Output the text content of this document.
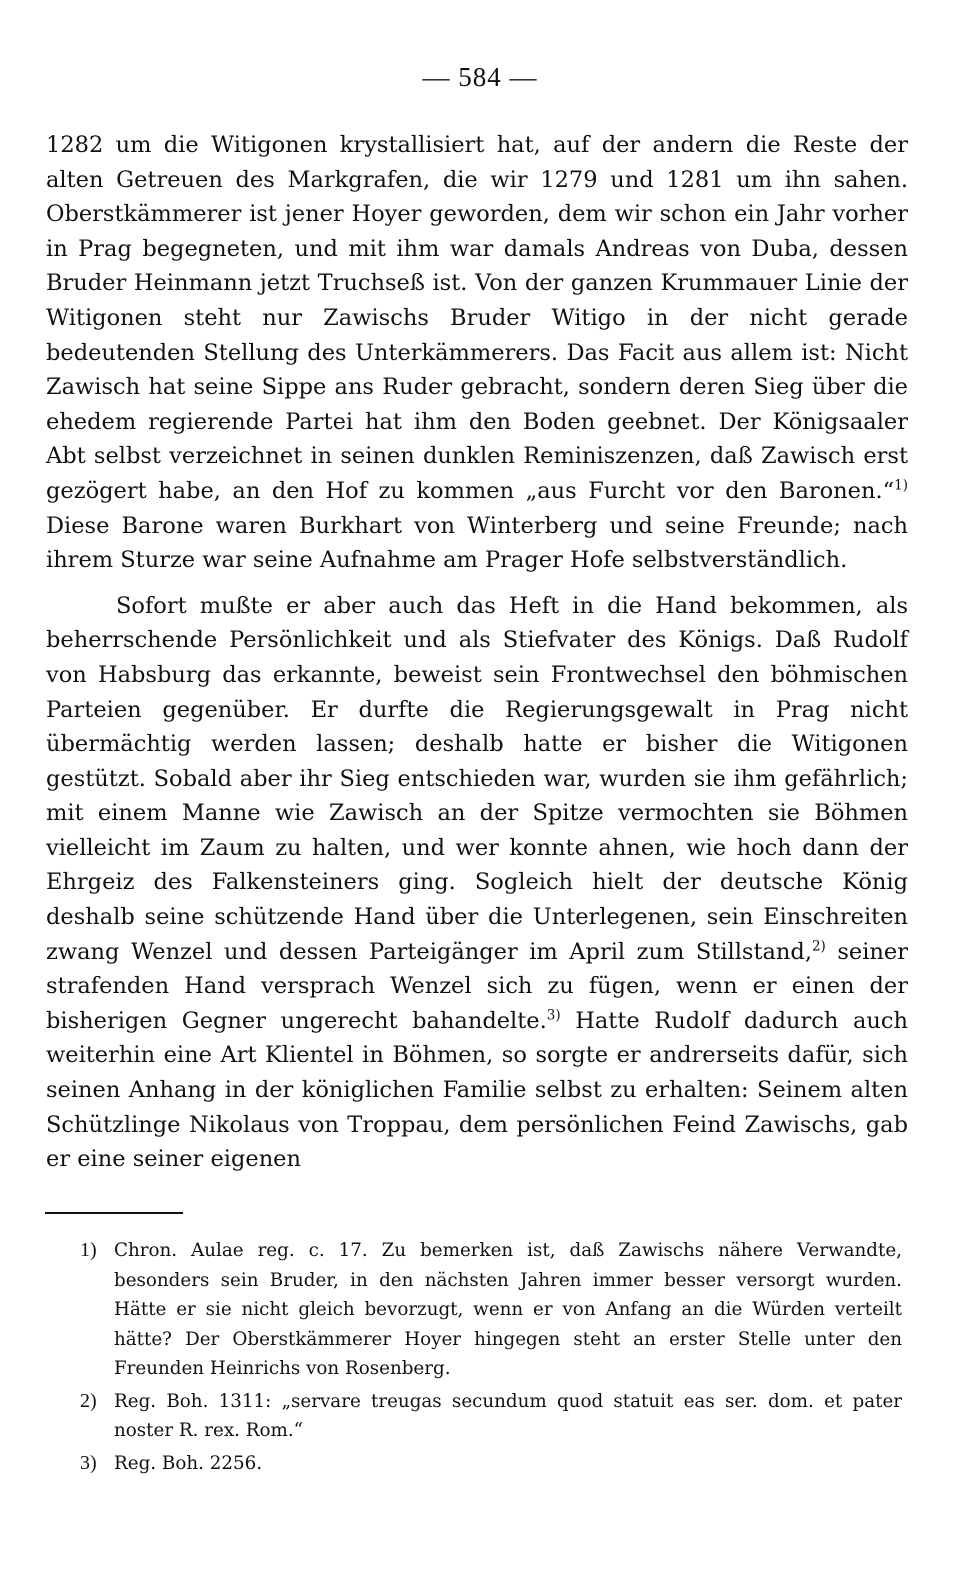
— 584 —

1282 um die Witigonen krystallisiert hat, auf der andern die Reste der alten Getreuen des Markgrafen, die wir 1279 und 1281 um ihn sahen. Oberstkämmerer ist jener Hoyer geworden, dem wir schon ein Jahr vorher in Prag begegneten, und mit ihm war damals Andreas von Duba, dessen Bruder Heinmann jetzt Truchseß ist. Von der ganzen Krummauer Linie der Witigonen steht nur Zawischs Bruder Witigo in der nicht gerade bedeutenden Stellung des Unterkämmerers. Das Facit aus allem ist: Nicht Zawisch hat seine Sippe ans Ruder gebracht, sondern deren Sieg über die ehedem regierende Partei hat ihm den Boden geebnet. Der Königsaaler Abt selbst verzeichnet in seinen dunklen Reminiszenzen, daß Zawisch erst gezögert habe, an den Hof zu kommen „aus Furcht vor den Baronen.“$^{1)}$ Diese Barone waren Burkhart von Winterberg und seine Freunde; nach ihrem Sturze war seine Aufnahme am Prager Hofe selbstverständlich.

Sofort mußte er aber auch das Heft in die Hand bekommen, als beherrschende Persönlichkeit und als Stiefvater des Königs. Daß Rudolf von Habsburg das erkannte, beweist sein Frontwechsel den böhmischen Parteien gegenüber. Er durfte die Regierungsgewalt in Prag nicht übermächtig werden lassen; deshalb hatte er bisher die Witigonen gestützt. Sobald aber ihr Sieg entschieden war, wurden sie ihm gefährlich; mit einem Manne wie Zawisch an der Spitze vermochten sie Böhmen vielleicht im Zaum zu halten, und wer konnte ahnen, wie hoch dann der Ehrgeiz des Falkensteiners ging. Sogleich hielt der deutsche König deshalb seine schützende Hand über die Unterlegenen, sein Einschreiten zwang Wenzel und dessen Parteigänger im April zum Stillstand,$^{2)}$ seiner strafenden Hand versprach Wenzel sich zu fügen, wenn er einen der bisherigen Gegner ungerecht bahandelte.$^{3)}$ Hatte Rudolf dadurch auch weiterhin eine Art Klientel in Böhmen, so sorgte er andrerseits dafür, sich seinen Anhang in der königlichen Familie selbst zu erhalten: Seinem alten Schützlinge Nikolaus von Troppau, dem persönlichen Feind Zawischs, gab er eine seiner eigenen

1) Chron. Aulae reg. c. 17. Zu bemerken ist, daß Zawischs nähere Verwandte, besonders sein Bruder, in den nächsten Jahren immer besser versorgt wurden. Hätte er sie nicht gleich bevorzugt, wenn er von Anfang an die Würden verteilt hätte? Der Oberstkämmerer Hoyer hingegen steht an erster Stelle unter den Freunden Heinrichs von Rosenberg.
2) Reg. Boh. 1311: „servare treugas secundum quod statuit eas ser. dom. et pater noster R. rex. Rom.“
3) Reg. Boh. 2256.
